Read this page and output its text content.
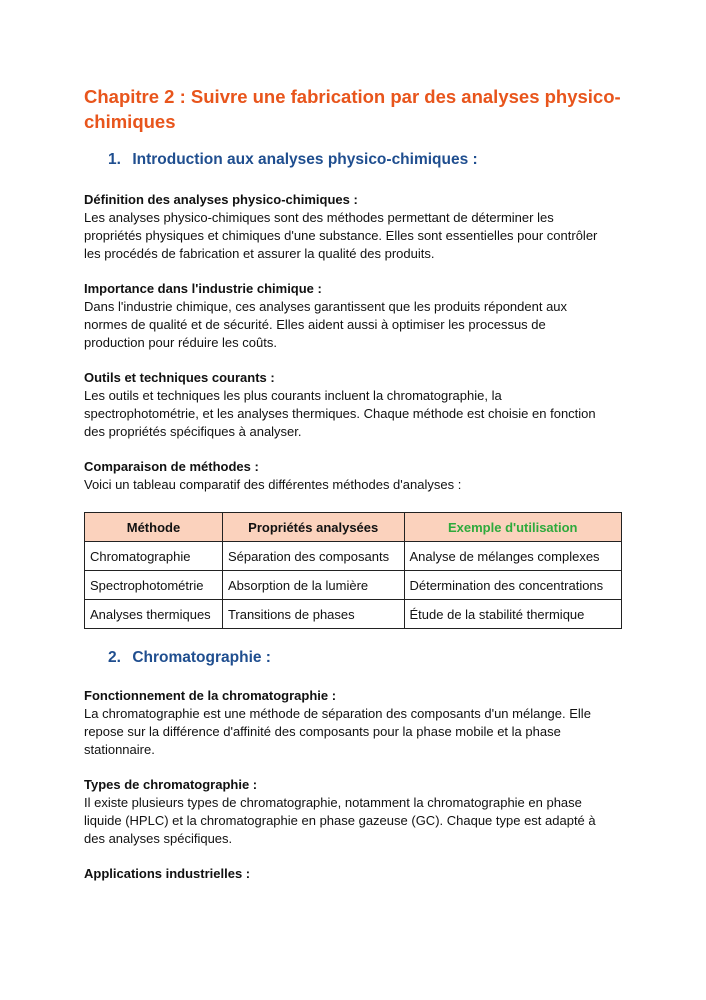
Chapitre 2 : Suivre une fabrication par des analyses physico-chimiques
1. Introduction aux analyses physico-chimiques :
Définition des analyses physico-chimiques :
Les analyses physico-chimiques sont des méthodes permettant de déterminer les
propriétés physiques et chimiques d'une substance. Elles sont essentielles pour contrôler
les procédés de fabrication et assurer la qualité des produits.
Importance dans l'industrie chimique :
Dans l'industrie chimique, ces analyses garantissent que les produits répondent aux
normes de qualité et de sécurité. Elles aident aussi à optimiser les processus de
production pour réduire les coûts.
Outils et techniques courants :
Les outils et techniques les plus courants incluent la chromatographie, la
spectrophotométrie, et les analyses thermiques. Chaque méthode est choisie en fonction
des propriétés spécifiques à analyser.
Comparaison de méthodes :
Voici un tableau comparatif des différentes méthodes d'analyses :
Méthode	Propriétés analysées	Exemple d'utilisation
Chromatographie	Séparation des composants	Analyse de mélanges complexes
Spectrophotométrie	Absorption de la lumière	Détermination des concentrations
Analyses thermiques	Transitions de phases	Étude de la stabilité thermique
2. Chromatographie :
Fonctionnement de la chromatographie :
La chromatographie est une méthode de séparation des composants d'un mélange. Elle
repose sur la différence d'affinité des composants pour la phase mobile et la phase
stationnaire.
Types de chromatographie :
Il existe plusieurs types de chromatographie, notamment la chromatographie en phase
liquide (HPLC) et la chromatographie en phase gazeuse (GC). Chaque type est adapté à
des analyses spécifiques.
Applications industrielles :
